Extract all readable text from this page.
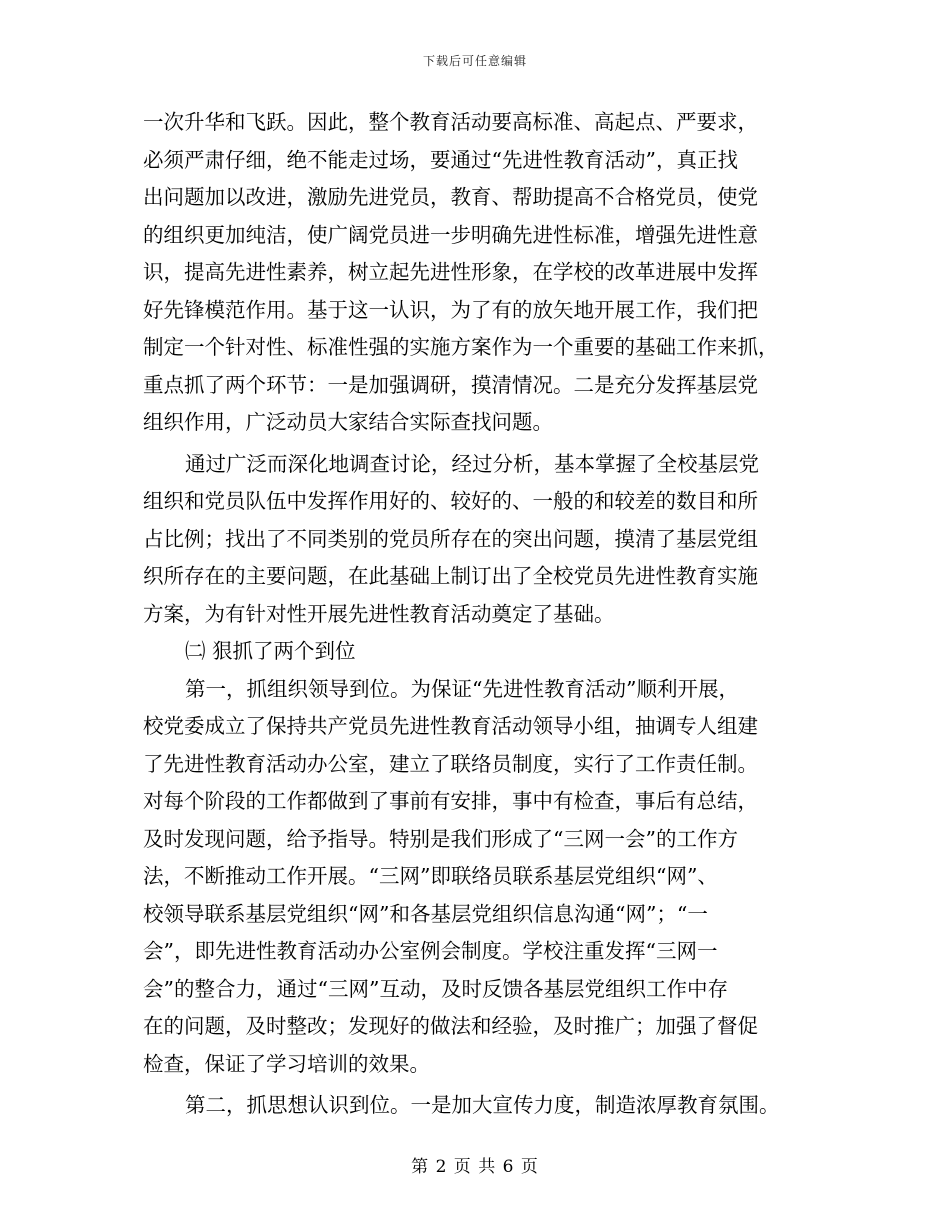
下载后可任意编辑
一次升华和飞跃。因此，整个教育活动要高标准、高起点、严要求，
必须严肃仔细，绝不能走过场，要通过“先进性教育活动”，真正找
出问题加以改进，激励先进党员，教育、帮助提高不合格党员，使党
的组织更加纯洁，使广阔党员进一步明确先进性标准，增强先进性意
识，提高先进性素养，树立起先进性形象，在学校的改革进展中发挥
好先锋模范作用。基于这一认识，为了有的放矢地开展工作，我们把
制定一个针对性、标准性强的实施方案作为一个重要的基础工作来抓，
重点抓了两个环节：一是加强调研，摸清情况。二是充分发挥基层党
组织作用，广泛动员大家结合实际查找问题。
通过广泛而深化地调查讨论，经过分析，基本掌握了全校基层党
组织和党员队伍中发挥作用好的、较好的、一般的和较差的数目和所
占比例；找出了不同类别的党员所存在的突出问题，摸清了基层党组
织所存在的主要问题，在此基础上制订出了全校党员先进性教育实施
方案，为有针对性开展先进性教育活动奠定了基础。
㈡ 狠抓了两个到位
第一，抓组织领导到位。为保证“先进性教育活动”顺利开展，
校党委成立了保持共产党员先进性教育活动领导小组，抽调专人组建
了先进性教育活动办公室，建立了联络员制度，实行了工作责任制。
对每个阶段的工作都做到了事前有安排，事中有检查，事后有总结，
及时发现问题，给予指导。特别是我们形成了“三网一会”的工作方
法，不断推动工作开展。“三网”即联络员联系基层党组织“网”、
校领导联系基层党组织“网”和各基层党组织信息沟通“网”；“一
会”，即先进性教育活动办公室例会制度。学校注重发挥“三网一
会”的整合力，通过“三网”互动，及时反馈各基层党组织工作中存
在的问题，及时整改；发现好的做法和经验，及时推广；加强了督促
检查，保证了学习培训的效果。
第二，抓思想认识到位。一是加大宣传力度，制造浓厚教育氛围。
第 2 页 共 6 页
